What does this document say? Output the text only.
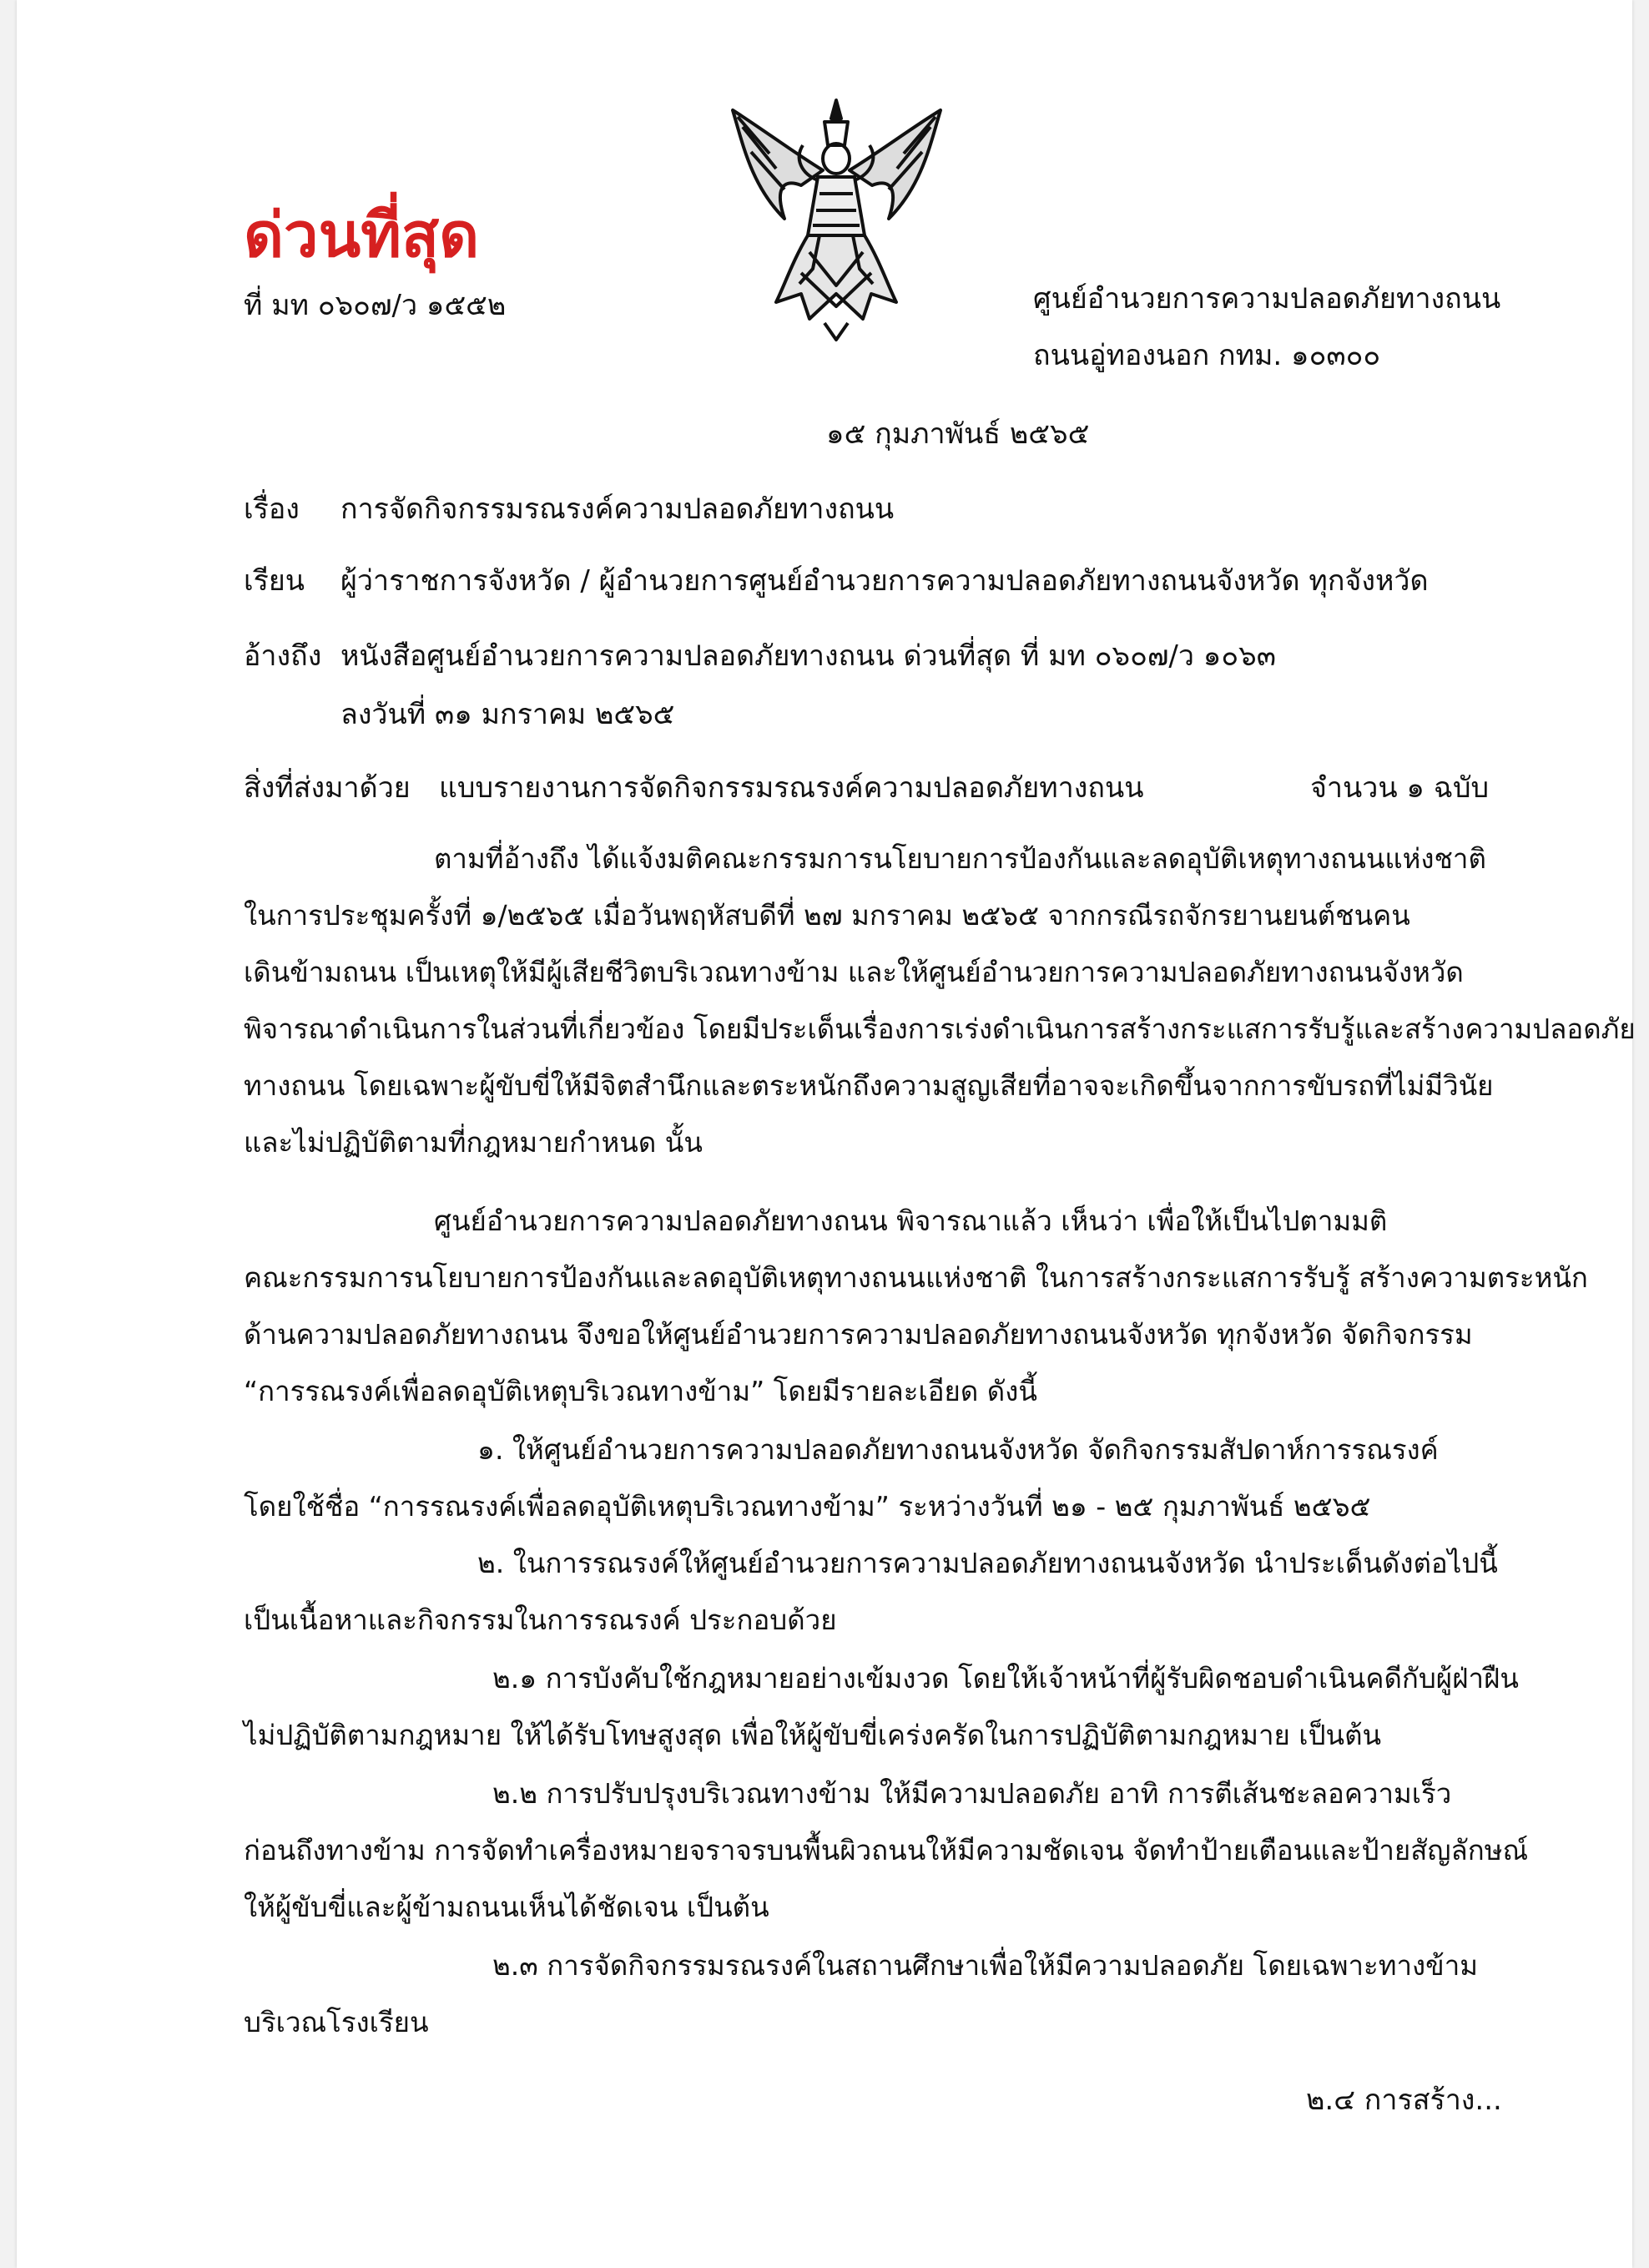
ด่วนที่สุด
ที่ มท ๐๖๐๗/ว ๑๕๕๒	ศูนย์อำนวยการความปลอดภัยทางถนน
ถนนอู่ทองนอก กทม. ๑๐๓๐๐
๑๕ กุมภาพันธ์ ๒๕๖๕
เรื่อง การจัดกิจกรรมรณรงค์ความปลอดภัยทางถนน
เรียน ผู้ว่าราชการจังหวัด / ผู้อำนวยการศูนย์อำนวยการความปลอดภัยทางถนนจังหวัด ทุกจังหวัด
อ้างถึง หนังสือศูนย์อำนวยการความปลอดภัยทางถนน ด่วนที่สุด ที่ มท ๐๖๐๗/ว ๑๐๖๓
ลงวันที่ ๓๑ มกราคม ๒๕๖๕
สิ่งที่ส่งมาด้วย แบบรายงานการจัดกิจกรรมรณรงค์ความปลอดภัยทางถนน	จำนวน ๑ ฉบับ
ตามที่อ้างถึง ได้แจ้งมติคณะกรรมการนโยบายการป้องกันและลดอุบัติเหตุทางถนนแห่งชาติ
ในการประชุมครั้งที่ ๑/๒๕๖๕ เมื่อวันพฤหัสบดีที่ ๒๗ มกราคม ๒๕๖๕ จากกรณีรถจักรยานยนต์ชนคน
เดินข้ามถนน เป็นเหตุให้มีผู้เสียชีวิตบริเวณทางข้าม และให้ศูนย์อำนวยการความปลอดภัยทางถนนจังหวัด
พิจารณาดำเนินการในส่วนที่เกี่ยวข้อง โดยมีประเด็นเรื่องการเร่งดำเนินการสร้างกระแสการรับรู้และสร้างความปลอดภัย
ทางถนน โดยเฉพาะผู้ขับขี่ให้มีจิตสำนึกและตระหนักถึงความสูญเสียที่อาจจะเกิดขึ้นจากการขับรถที่ไม่มีวินัย
และไม่ปฏิบัติตามที่กฎหมายกำหนด นั้น
ศูนย์อำนวยการความปลอดภัยทางถนน พิจารณาแล้ว เห็นว่า เพื่อให้เป็นไปตามมติ
คณะกรรมการนโยบายการป้องกันและลดอุบัติเหตุทางถนนแห่งชาติ ในการสร้างกระแสการรับรู้ สร้างความตระหนัก
ด้านความปลอดภัยทางถนน จึงขอให้ศูนย์อำนวยการความปลอดภัยทางถนนจังหวัด ทุกจังหวัด จัดกิจกรรม
“การรณรงค์เพื่อลดอุบัติเหตุบริเวณทางข้าม” โดยมีรายละเอียด ดังนี้
๑. ให้ศูนย์อำนวยการความปลอดภัยทางถนนจังหวัด จัดกิจกรรมสัปดาห์การรณรงค์
โดยใช้ชื่อ “การรณรงค์เพื่อลดอุบัติเหตุบริเวณทางข้าม” ระหว่างวันที่ ๒๑ - ๒๕ กุมภาพันธ์ ๒๕๖๕
๒. ในการรณรงค์ให้ศูนย์อำนวยการความปลอดภัยทางถนนจังหวัด นำประเด็นดังต่อไปนี้
เป็นเนื้อหาและกิจกรรมในการรณรงค์ ประกอบด้วย
๒.๑ การบังคับใช้กฎหมายอย่างเข้มงวด โดยให้เจ้าหน้าที่ผู้รับผิดชอบดำเนินคดีกับผู้ฝ่าฝืน
ไม่ปฏิบัติตามกฎหมาย ให้ได้รับโทษสูงสุด เพื่อให้ผู้ขับขี่เคร่งครัดในการปฏิบัติตามกฎหมาย เป็นต้น
๒.๒ การปรับปรุงบริเวณทางข้าม ให้มีความปลอดภัย อาทิ การตีเส้นชะลอความเร็ว
ก่อนถึงทางข้าม การจัดทำเครื่องหมายจราจรบนพื้นผิวถนนให้มีความชัดเจน จัดทำป้ายเตือนและป้ายสัญลักษณ์
ให้ผู้ขับขี่และผู้ข้ามถนนเห็นได้ชัดเจน เป็นต้น
๒.๓ การจัดกิจกรรมรณรงค์ในสถานศึกษาเพื่อให้มีความปลอดภัย โดยเฉพาะทางข้าม
บริเวณโรงเรียน
๒.๔ การสร้าง...
